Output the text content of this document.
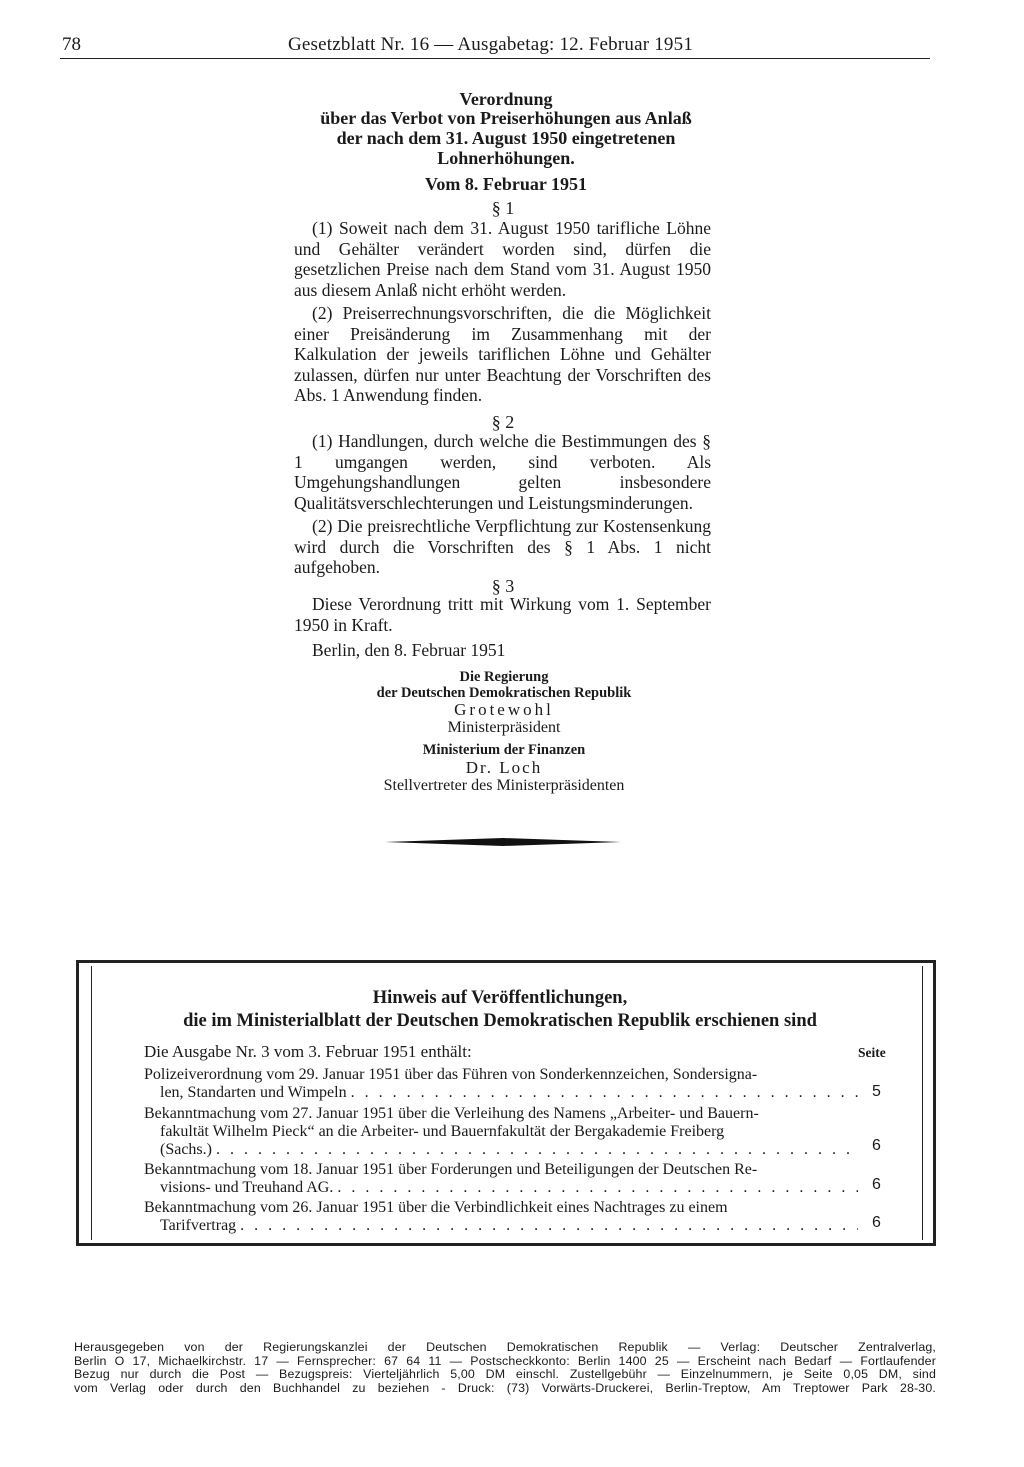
78	Gesetzblatt Nr. 16 — Ausgabetag: 12. Februar 1951
Verordnung
über das Verbot von Preiserhöhungen aus Anlaß
der nach dem 31. August 1950 eingetretenen
Lohnerhöhungen.
Vom 8. Februar 1951
§ 1

(1) Soweit nach dem 31. August 1950 tarifliche Löhne und Gehälter verändert worden sind, dürfen die gesetzlichen Preise nach dem Stand vom 31. August 1950 aus diesem Anlaß nicht erhöht werden.

(2) Preiserrechnungsvorschriften, die die Möglichkeit einer Preisänderung im Zusammenhang mit der Kalkulation der jeweils tariflichen Löhne und Gehälter zulassen, dürfen nur unter Beachtung der Vorschriften des Abs. 1 Anwendung finden.

§ 2

(1) Handlungen, durch welche die Bestimmungen des § 1 umgangen werden, sind verboten. Als Umgehungshandlungen gelten insbesondere Qualitätsverschlechterungen und Leistungsminderungen.

(2) Die preisrechtliche Verpflichtung zur Kostensenkung wird durch die Vorschriften des § 1 Abs. 1 nicht aufgehoben.

§ 3

Diese Verordnung tritt mit Wirkung vom 1. September 1950 in Kraft.

Berlin, den 8. Februar 1951
Die Regierung
der Deutschen Demokratischen Republik
Grotewohl
Ministerpräsident
Ministerium der Finanzen
Dr. Loch
Stellvertreter des Ministerpräsidenten
Hinweis auf Veröffentlichungen,
die im Ministerialblatt der Deutschen Demokratischen Republik erschienen sind
Die Ausgabe Nr. 3 vom 3. Februar 1951 enthält:	Seite
Polizeiverordnung vom 29. Januar 1951 über das Führen von Sonderkennzeichen, Sondersigna-
len, Standarten und Wimpeln . . .	5
Bekanntmachung vom 27. Januar 1951 über die Verleihung des Namens „Arbeiter- und Bauern-
fakultät Wilhelm Pieck“ an die Arbeiter- und Bauernfakultät der Bergakademie Freiberg
(Sachs.) . . .	6
Bekanntmachung vom 18. Januar 1951 über Forderungen und Beteiligungen der Deutschen Re-
visions- und Treuhand AG. . . .	6
Bekanntmachung vom 26. Januar 1951 über die Verbindlichkeit eines Nachtrages zu einem
Tarifvertrag . . .	6
Herausgegeben von der Regierungskanzlei der Deutschen Demokratischen Republik — Verlag: Deutscher Zentralverlag,
Berlin O 17, Michaelkirchstr. 17 — Fernsprecher: 67 64 11 — Postscheckkonto: Berlin 1400 25 — Erscheint nach Bedarf — Fortlaufender
Bezug nur durch die Post — Bezugspreis: Vierteljährlich 5,00 DM einschl. Zustellgebühr — Einzelnummern, je Seite 0,05 DM, sind
vom Verlag oder durch den Buchhandel zu beziehen - Druck: (73) Vorwärts-Druckerei, Berlin-Treptow, Am Treptower Park 28-30.
